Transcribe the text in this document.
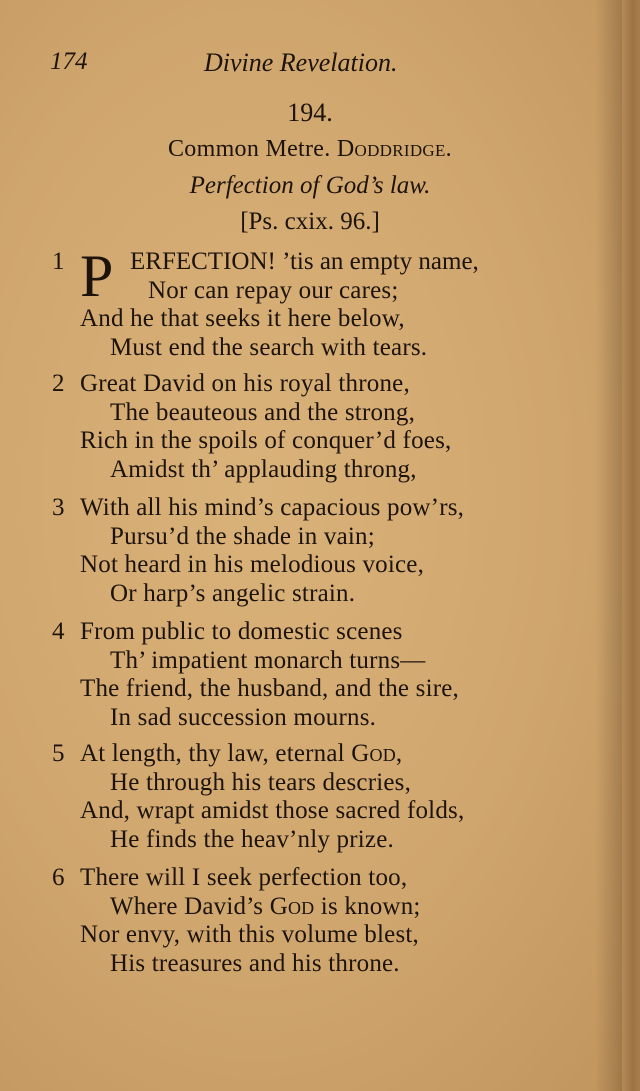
174	Divine Revelation.
194.
Common Metre. Doddridge.
Perfection of God’s law.
[Ps. cxix. 96.]
1 P ERFECTION! ’tis an empty name,
Nor can repay our cares;
And he that seeks it here below,
Must end the search with tears.
2 Great David on his royal throne,
The beauteous and the strong,
Rich in the spoils of conquer’d foes,
Amidst th’ applauding throng,
3 With all his mind’s capacious pow’rs,
Pursu’d the shade in vain;
Not heard in his melodious voice,
Or harp’s angelic strain.
4 From public to domestic scenes
Th’ impatient monarch turns—
The friend, the husband, and the sire,
In sad succession mourns.
5 At length, thy law, eternal God,
He through his tears descries,
And, wrapt amidst those sacred folds,
He finds the heav’nly prize.
6 There will I seek perfection too,
Where David’s God is known;
Nor envy, with this volume blest,
His treasures and his throne.
